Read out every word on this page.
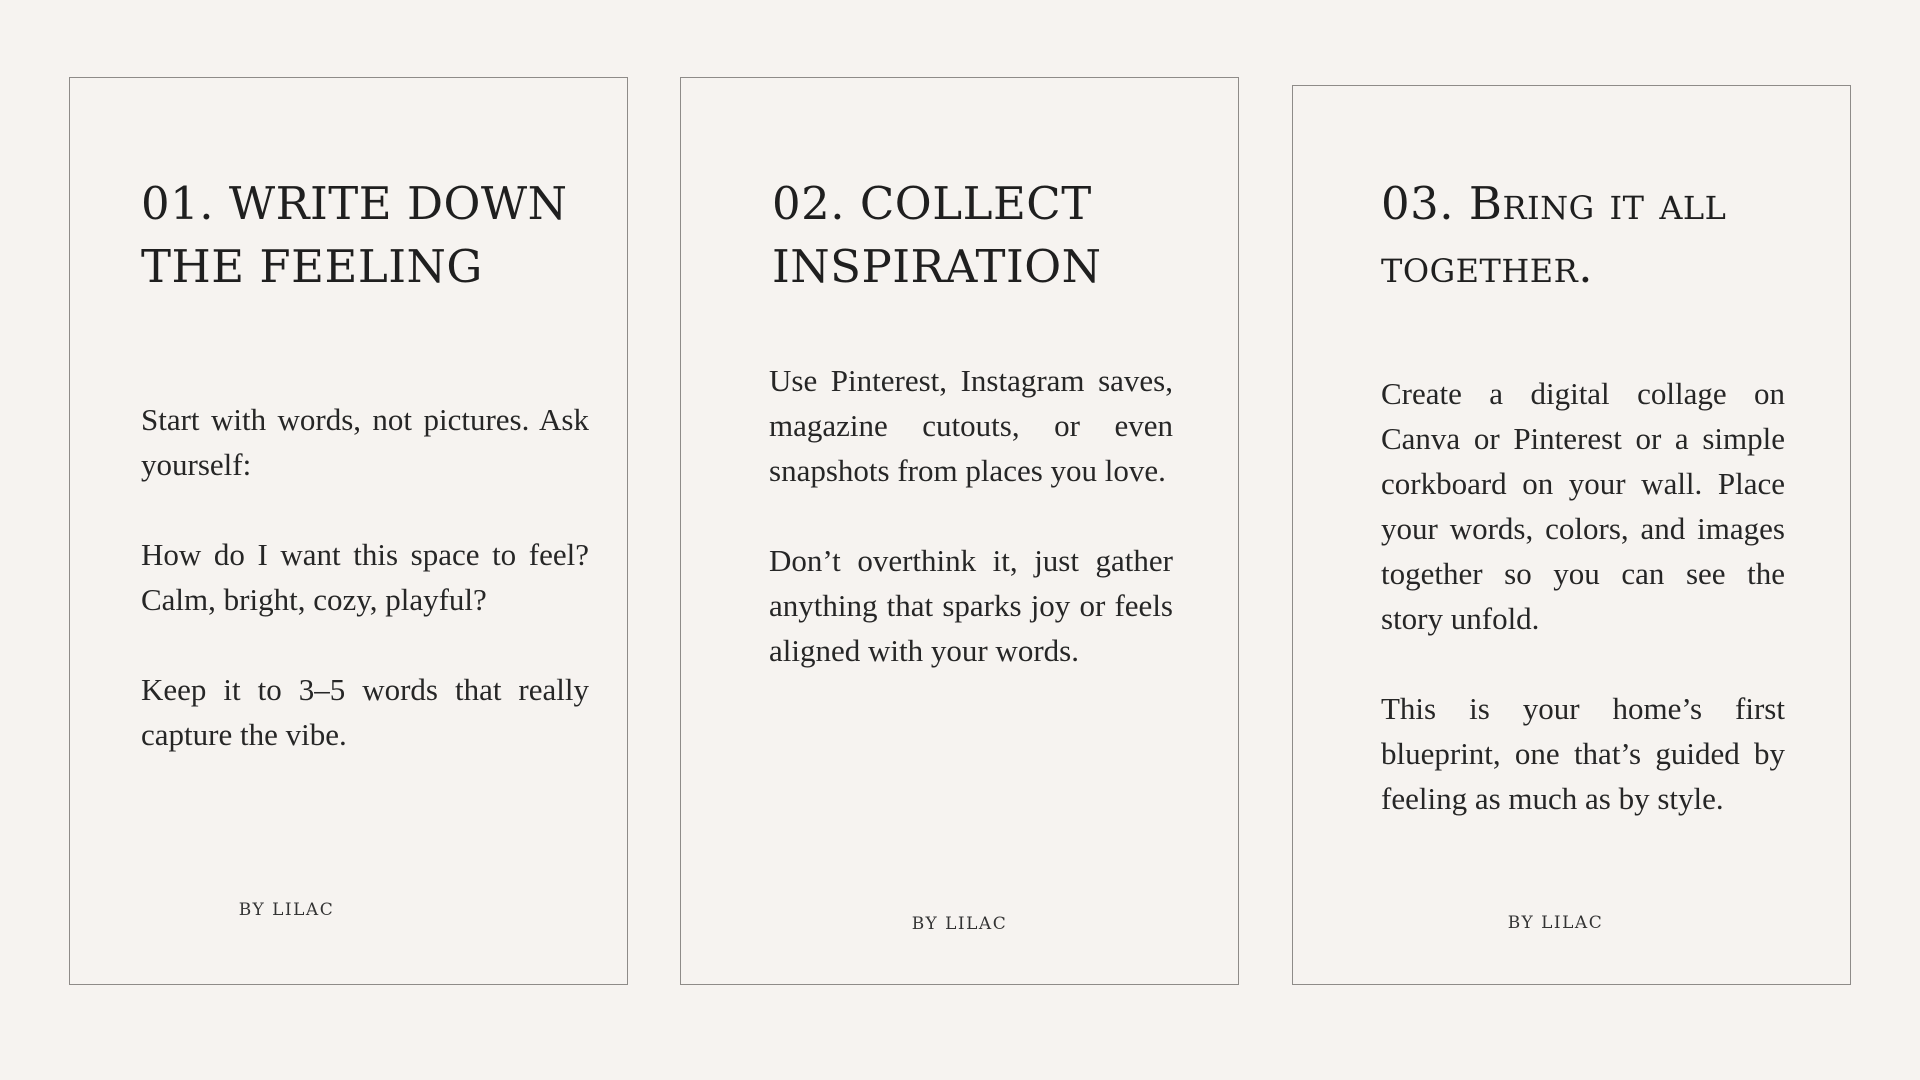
01. WRITE DOWN
THE FEELING

Start with words, not pictures. Ask yourself:

How do I want this space to feel? Calm, bright, cozy, playful?

Keep it to 3–5 words that really capture the vibe.

BY LILAC
02. COLLECT
INSPIRATION

Use Pinterest, Instagram saves, magazine cutouts, or even snapshots from places you love.

Don’t overthink it, just gather anything that sparks joy or feels aligned with your words.

BY LILAC
03. Bring it all
together.

Create a digital collage on Canva or Pinterest or a simple corkboard on your wall. Place your words, colors, and images together so you can see the story unfold.

This is your home’s first blueprint, one that’s guided by feeling as much as by style.

BY LILAC
